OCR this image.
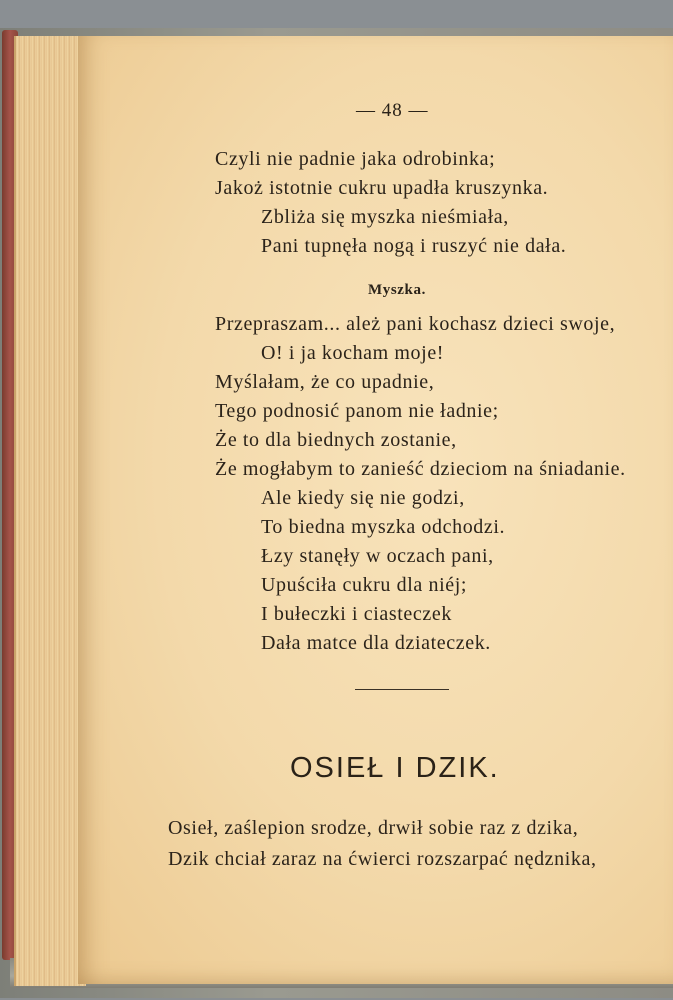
— 48 —
Czyli nie padnie jaka odrobinka;
Jakoż istotnie cukru upadła kruszynka.
Zbliża się myszka nieśmiała,
Pani tupnęła nogą i ruszyć nie dała.
Myszka.
Przepraszam... ależ pani kochasz dzieci swoje,
O! i ja kocham moje!
Myślałam, że co upadnie,
Tego podnosić panom nie ładnie;
Że to dla biednych zostanie,
Że mogłabym to zanieść dzieciom na śniadanie.
Ale kiedy się nie godzi,
To biedna myszka odchodzi.
Łzy stanęły w oczach pani,
Upuściła cukru dla niéj;
I bułeczki i ciasteczek
Dała matce dla dziateczek.
OSIEŁ I DZIK.
Osieł, zaślepion srodze, drwił sobie raz z dzika,
Dzik chciał zaraz na ćwierci rozszarpać nędznika,
